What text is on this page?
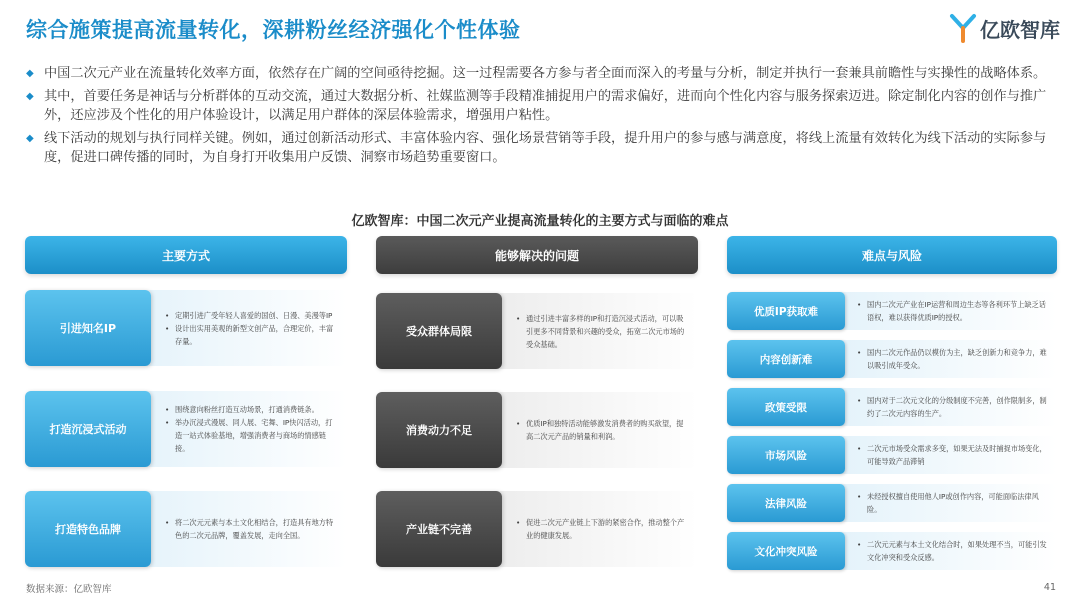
综合施策提高流量转化，深耕粉丝经济强化个性体验	亿欧智库
◆ 中国二次元产业在流量转化效率方面，依然存在广阔的空间亟待挖掘。这一过程需要各方参与者全面而深入的考量与分析，制定并执行一套兼具前瞻性与实操性的战略体系。
◆ 其中，首要任务是神话与分析群体的互动交流，通过大数据分析、社媒监测等手段精准捕捉用户的需求偏好，进而向个性化内容与服务探索迈进。除定制化内容的创作与推广外，还应涉及个性化的用户体验设计，以满足用户群体的深层体验需求，增强用户粘性。
◆ 线下活动的规划与执行同样关键。例如，通过创新活动形式、丰富体验内容、强化场景营销等手段，提升用户的参与感与满意度，将线上流量有效转化为线下活动的实际参与度，促进口碑传播的同时，为自身打开收集用户反馈、洞察市场趋势重要窗口。
亿欧智库：中国二次元产业提高流量转化的主要方式与面临的难点
主要方式	能够解决的问题	难点与风险
引进知名IP
• 定期引进广受年轻人喜爱的国创、日漫、美漫等IP
• 设计出实用美观的新型文创产品，合理定价，丰富存量。
打造沉浸式活动
• 围绕意向粉丝打造互动场景，打通消费链条。
• 举办沉浸式漫展、同人展、宅舞、IP快闪活动，打造一站式体验基地，增强消费者与商场的情感链接。
打造特色品牌
• 将二次元元素与本土文化相结合，打造具有地方特色的二次元品牌，覆盖发展，走向全国。
受众群体局限
• 通过引进丰富多样的IP和打造沉浸式活动，可以吸引更多不同背景和兴趣的受众，拓宽二次元市场的受众基础。
消费动力不足
• 优质IP和独特活动能够激发消费者的购买欲望，提高二次元产品的销量和利润。
产业链不完善
• 促进二次元产业链上下游的紧密合作，推动整个产业的健康发展。
优质IP获取难
• 国内二次元产业在IP运营和周边生态等各利环节上缺乏话语权，难以获得优质IP的授权。
内容创新难
• 国内二次元作品仍以模仿为主，缺乏创新力和竞争力，难以吸引成年受众。
政策受限
• 国内对于二次元文化的分级制度不完善，创作限制多，制约了二次元内容的生产。
市场风险
• 二次元市场受众需求多变，如果无法及时捕捉市场变化，可能导致产品滞销
法律风险
• 未经授权擅自使用他人IP或创作内容，可能面临法律风险。
文化冲突风险
• 二次元元素与本土文化结合时，如果处理不当，可能引发文化冲突和受众反感。
数据来源：亿欧智库	41
